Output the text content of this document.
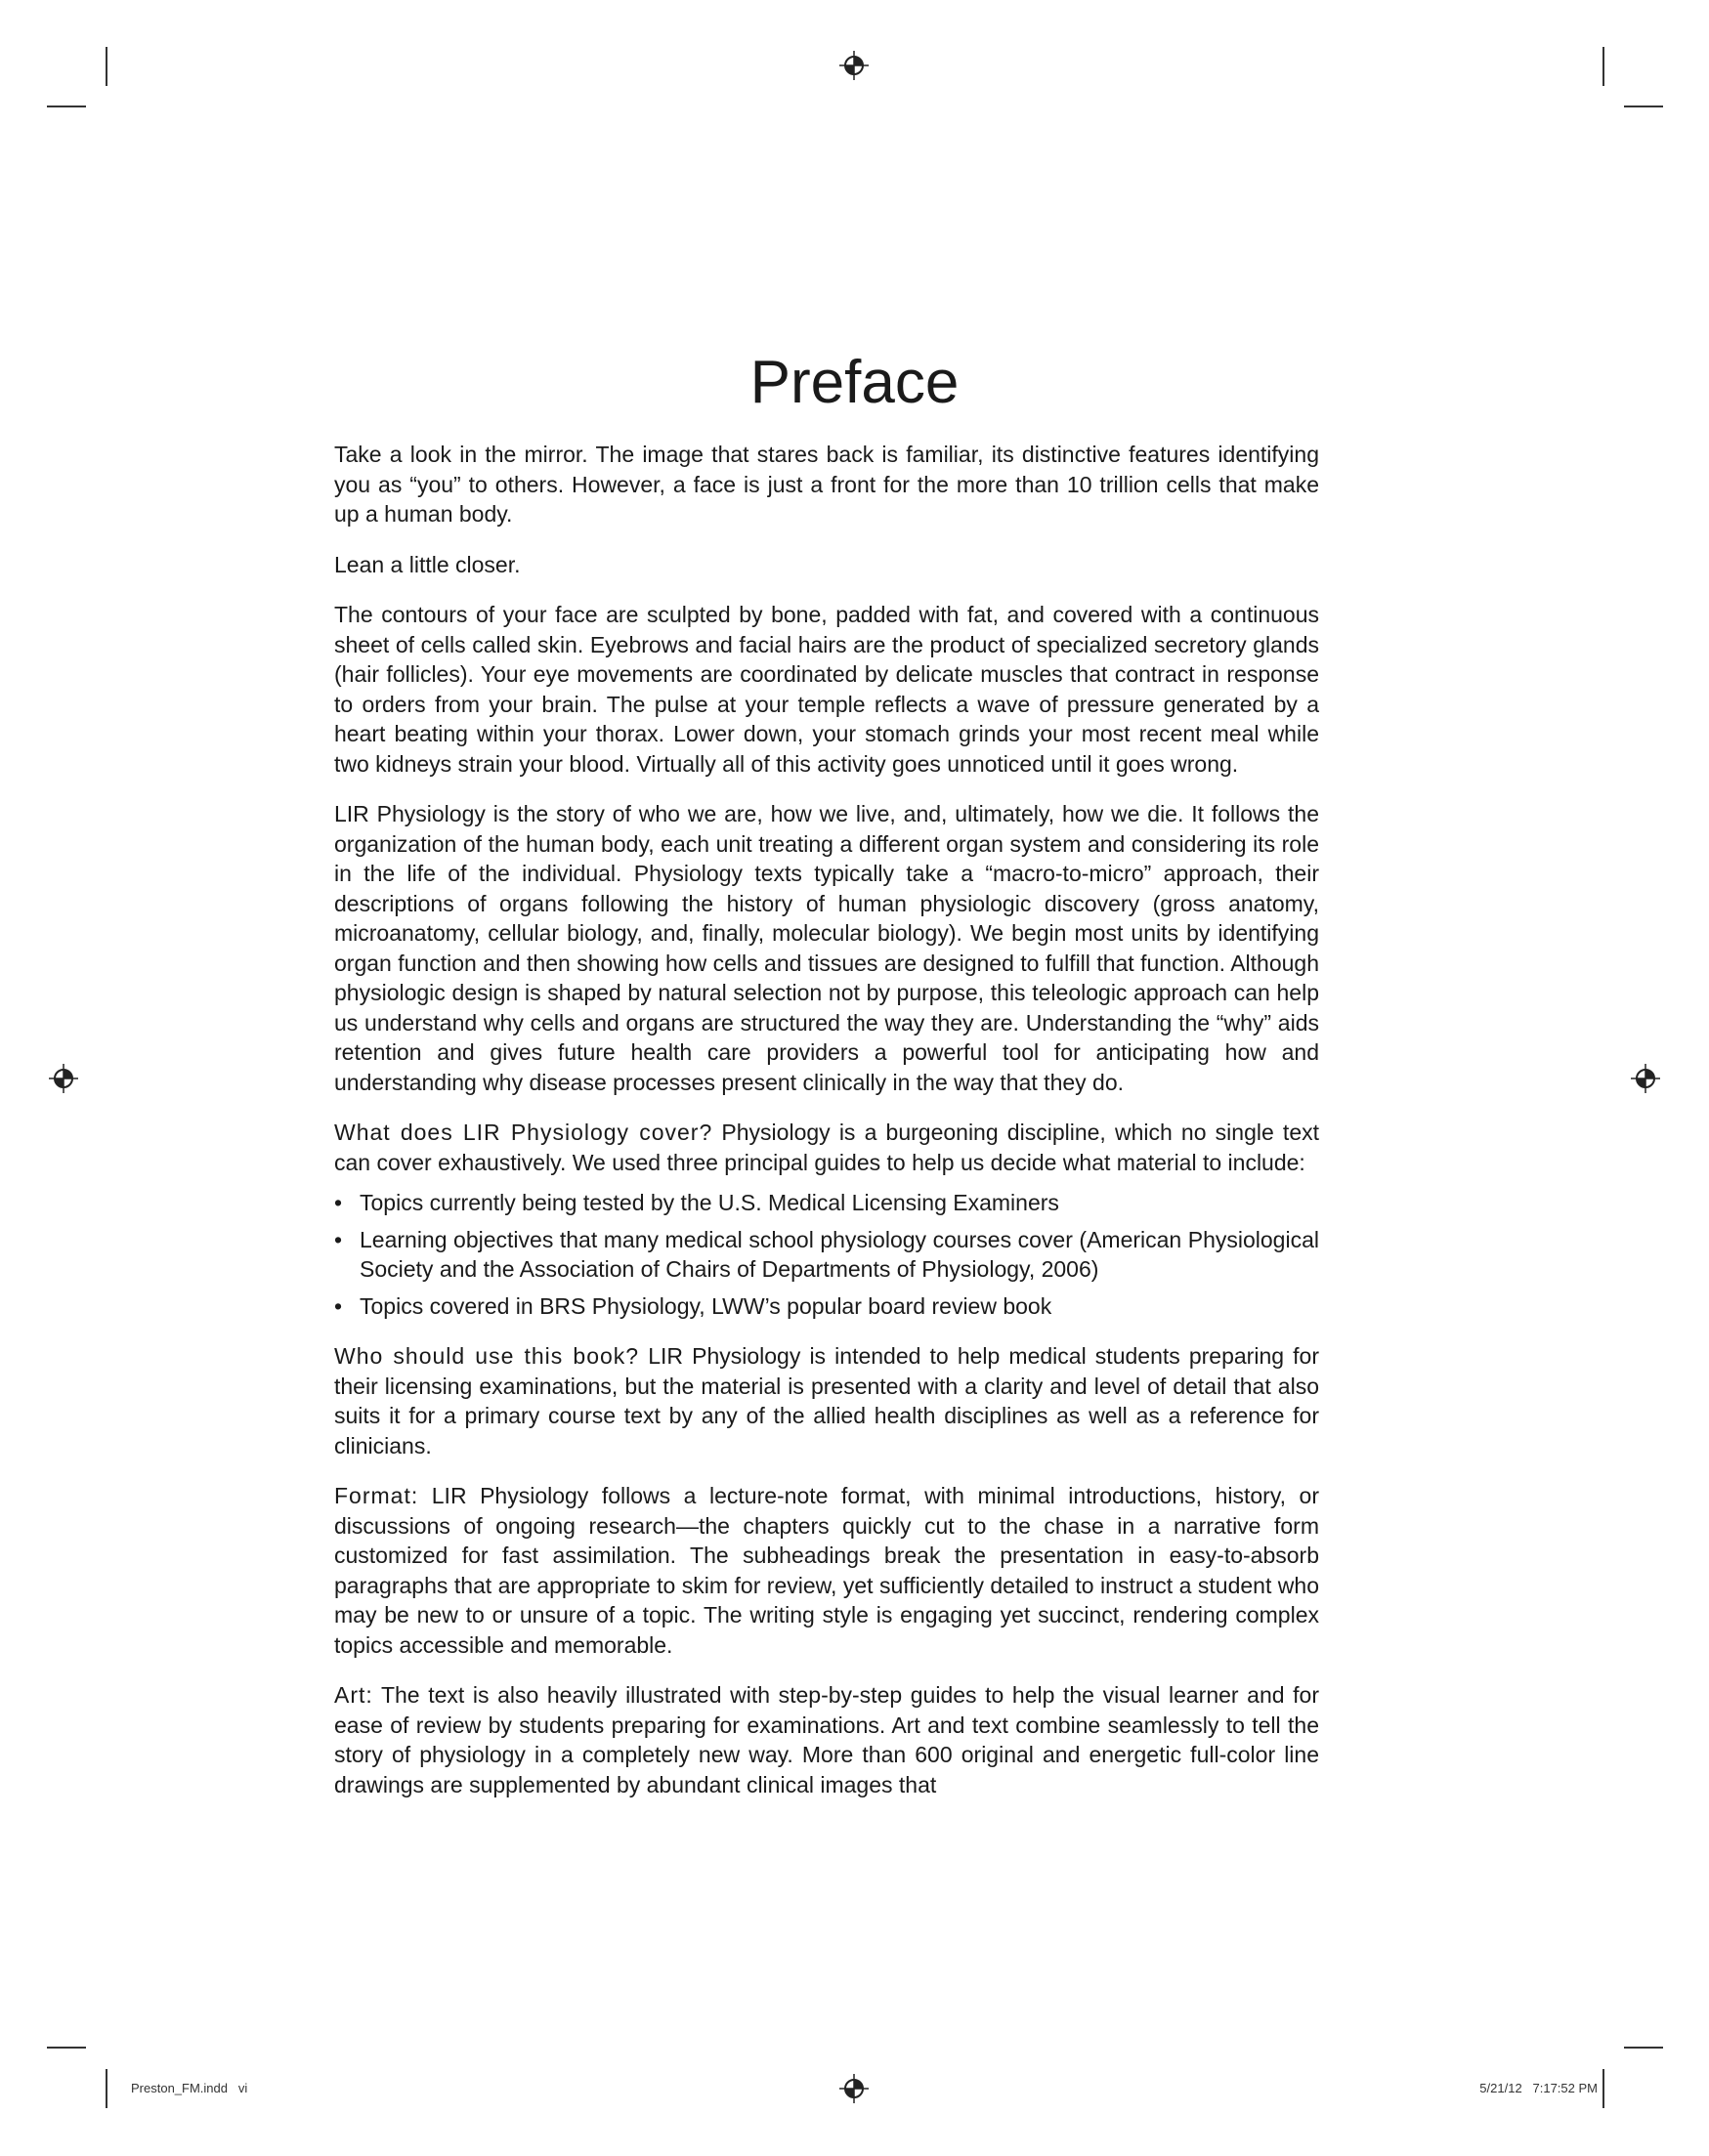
Preface

Take a look in the mirror. The image that stares back is familiar, its distinctive features identifying you as “you” to others. However, a face is just a front for the more than 10 trillion cells that make up a human body.

Lean a little closer.

The contours of your face are sculpted by bone, padded with fat, and covered with a continuous sheet of cells called skin. Eyebrows and facial hairs are the product of specialized secretory glands (hair follicles). Your eye movements are coordinated by delicate muscles that contract in response to orders from your brain. The pulse at your temple reflects a wave of pressure generated by a heart beating within your thorax. Lower down, your stomach grinds your most recent meal while two kidneys strain your blood. Virtually all of this activity goes unnoticed until it goes wrong.

LIR Physiology is the story of who we are, how we live, and, ultimately, how we die. It follows the organization of the human body, each unit treating a different organ system and considering its role in the life of the individual. Physiology texts typically take a “macro-to-micro” approach, their descriptions of organs following the history of human physiologic discovery (gross anatomy, microanatomy, cellular biology, and, finally, molecular biology). We begin most units by identifying organ function and then showing how cells and tissues are designed to fulfill that function. Although physiologic design is shaped by natural selection not by purpose, this teleologic approach can help us understand why cells and organs are structured the way they are. Understanding the “why” aids retention and gives future health care providers a powerful tool for anticipating how and understanding why disease processes present clinically in the way that they do.

What does LIR Physiology cover? Physiology is a burgeoning discipline, which no single text can cover exhaustively. We used three principal guides to help us decide what material to include:

• Topics currently being tested by the U.S. Medical Licensing Examiners
• Learning objectives that many medical school physiology courses cover (American Physiological Society and the Association of Chairs of Departments of Physiology, 2006)
• Topics covered in BRS Physiology, LWW’s popular board review book

Who should use this book? LIR Physiology is intended to help medical students preparing for their licensing examinations, but the material is presented with a clarity and level of detail that also suits it for a primary course text by any of the allied health disciplines as well as a reference for clinicians.

Format: LIR Physiology follows a lecture-note format, with minimal introductions, history, or discussions of ongoing research—the chapters quickly cut to the chase in a narrative form customized for fast assimilation. The subheadings break the presentation in easy-to-absorb paragraphs that are appropriate to skim for review, yet sufficiently detailed to instruct a student who may be new to or unsure of a topic. The writing style is engaging yet succinct, rendering complex topics accessible and memorable.

Art: The text is also heavily illustrated with step-by-step guides to help the visual learner and for ease of review by students preparing for examinations. Art and text combine seamlessly to tell the story of physiology in a completely new way. More than 600 original and energetic full-color line drawings are supplemented by abundant clinical images that

Preston_FM.indd   vi	5/21/12   7:17:52 PM
